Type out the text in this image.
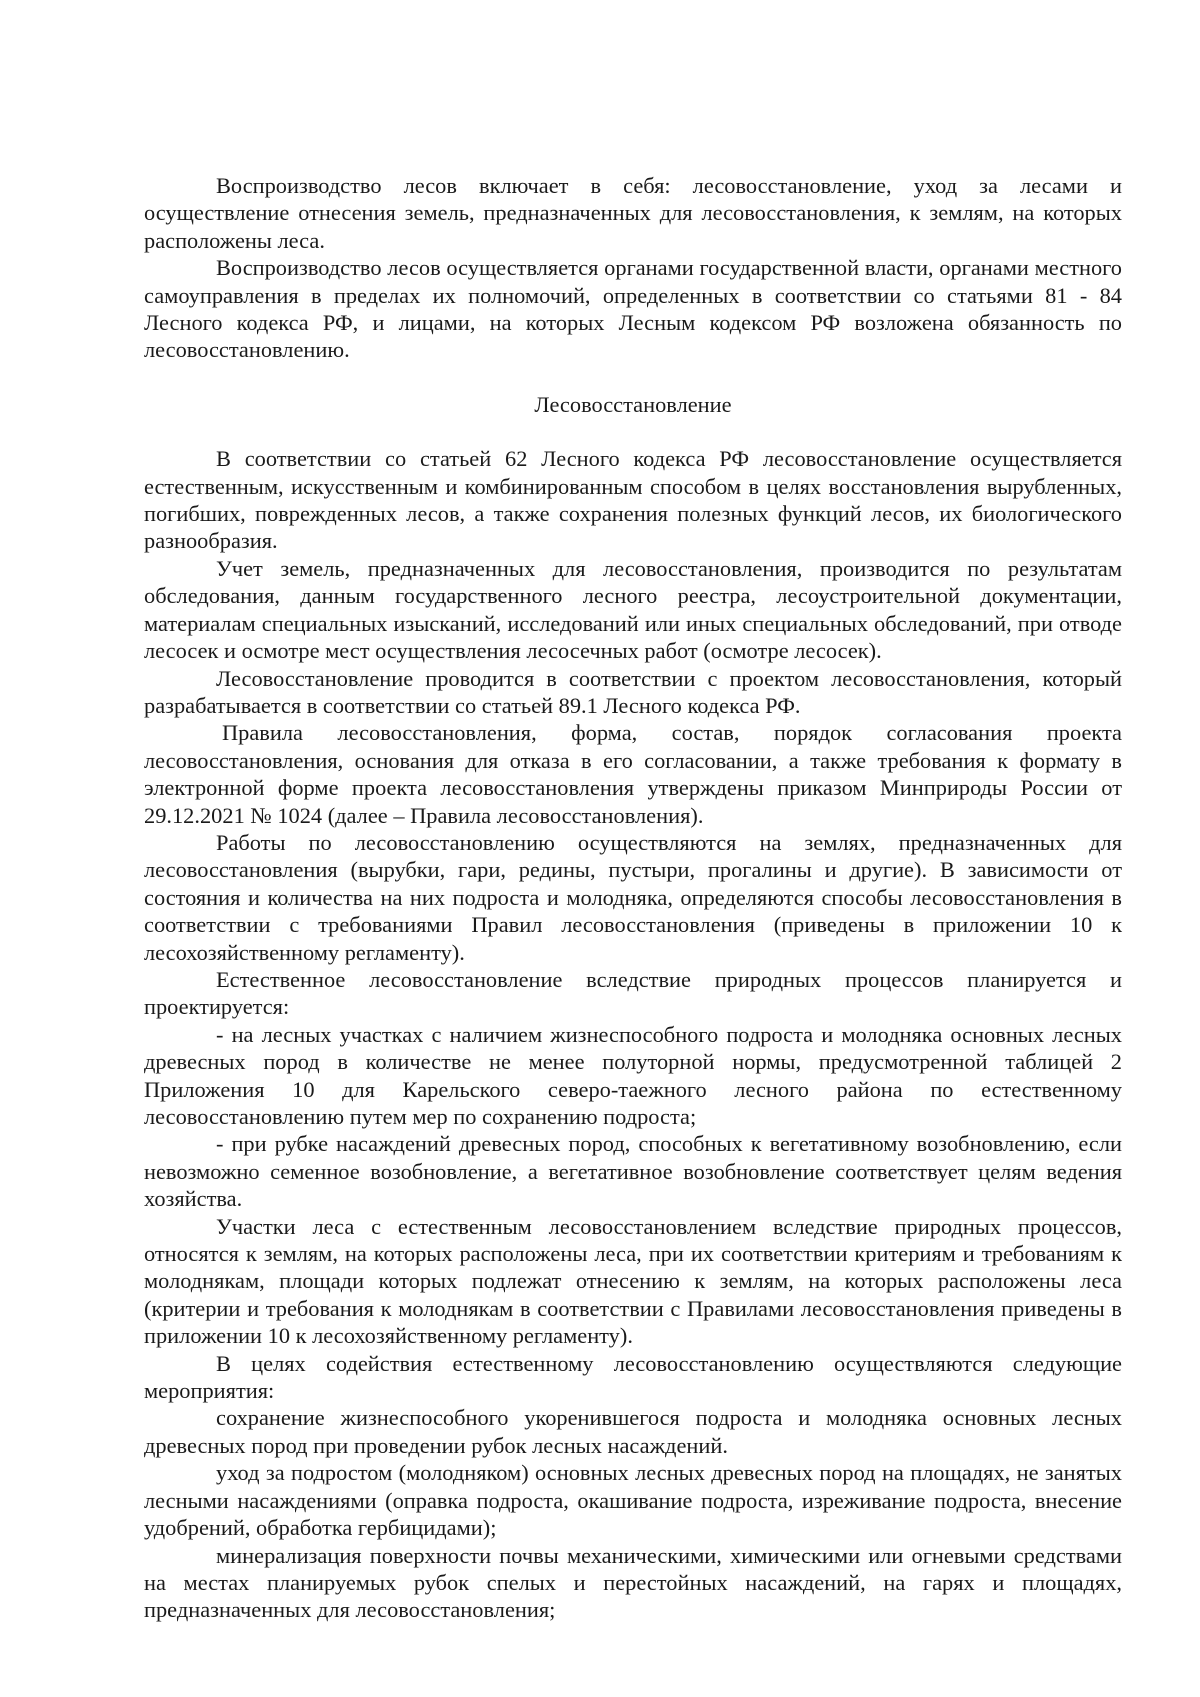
Воспроизводство лесов включает в себя: лесовосстановление, уход за лесами и осуществление отнесения земель, предназначенных для лесовосстановления, к землям, на которых расположены леса.

Воспроизводство лесов осуществляется органами государственной власти, органами местного самоуправления в пределах их полномочий, определенных в соответствии со статьями 81 - 84 Лесного кодекса РФ, и лицами, на которых Лесным кодексом РФ возложена обязанность по лесовосстановлению.

Лесовосстановление

В соответствии со статьей 62 Лесного кодекса РФ лесовосстановление осуществляется естественным, искусственным и комбинированным способом в целях восстановления вырубленных, погибших, поврежденных лесов, а также сохранения полезных функций лесов, их биологического разнообразия.

Учет земель, предназначенных для лесовосстановления, производится по результатам обследования, данным государственного лесного реестра, лесоустроительной документации, материалам специальных изысканий, исследований или иных специальных обследований, при отводе лесосек и осмотре мест осуществления лесосечных работ (осмотре лесосек).

Лесовосстановление проводится в соответствии с проектом лесовосстановления, который разрабатывается в соответствии со статьей 89.1 Лесного кодекса РФ.

Правила лесовосстановления, форма, состав, порядок согласования проекта лесовосстановления, основания для отказа в его согласовании, а также требования к формату в электронной форме проекта лесовосстановления утверждены приказом Минприроды России от 29.12.2021 № 1024 (далее – Правила лесовосстановления).

Работы по лесовосстановлению осуществляются на землях, предназначенных для лесовосстановления (вырубки, гари, редины, пустыри, прогалины и другие). В зависимости от состояния и количества на них подроста и молодняка, определяются способы лесовосстановления в соответствии с требованиями Правил лесовосстановления (приведены в приложении 10 к лесохозяйственному регламенту).

Естественное лесовосстановление вследствие природных процессов планируется и проектируется:

- на лесных участках с наличием жизнеспособного подроста и молодняка основных лесных древесных пород в количестве не менее полуторной нормы, предусмотренной таблицей 2 Приложения 10 для Карельского северо-таежного лесного района по естественному лесовосстановлению путем мер по сохранению подроста;

- при рубке насаждений древесных пород, способных к вегетативному возобновлению, если невозможно семенное возобновление, а вегетативное возобновление соответствует целям ведения хозяйства.

Участки леса с естественным лесовосстановлением вследствие природных процессов, относятся к землям, на которых расположены леса, при их соответствии критериям и требованиям к молоднякам, площади которых подлежат отнесению к землям, на которых расположены леса (критерии и требования к молоднякам в соответствии с Правилами лесовосстановления приведены в приложении 10 к лесохозяйственному регламенту).

В целях содействия естественному лесовосстановлению осуществляются следующие мероприятия:

сохранение жизнеспособного укоренившегося подроста и молодняка основных лесных древесных пород при проведении рубок лесных насаждений.

уход за подростом (молодняком) основных лесных древесных пород на площадях, не занятых лесными насаждениями (оправка подроста, окашивание подроста, изреживание подроста, внесение удобрений, обработка гербицидами);

минерализация поверхности почвы механическими, химическими или огневыми средствами на местах планируемых рубок спелых и перестойных насаждений, на гарях и площадях, предназначенных для лесовосстановления;
